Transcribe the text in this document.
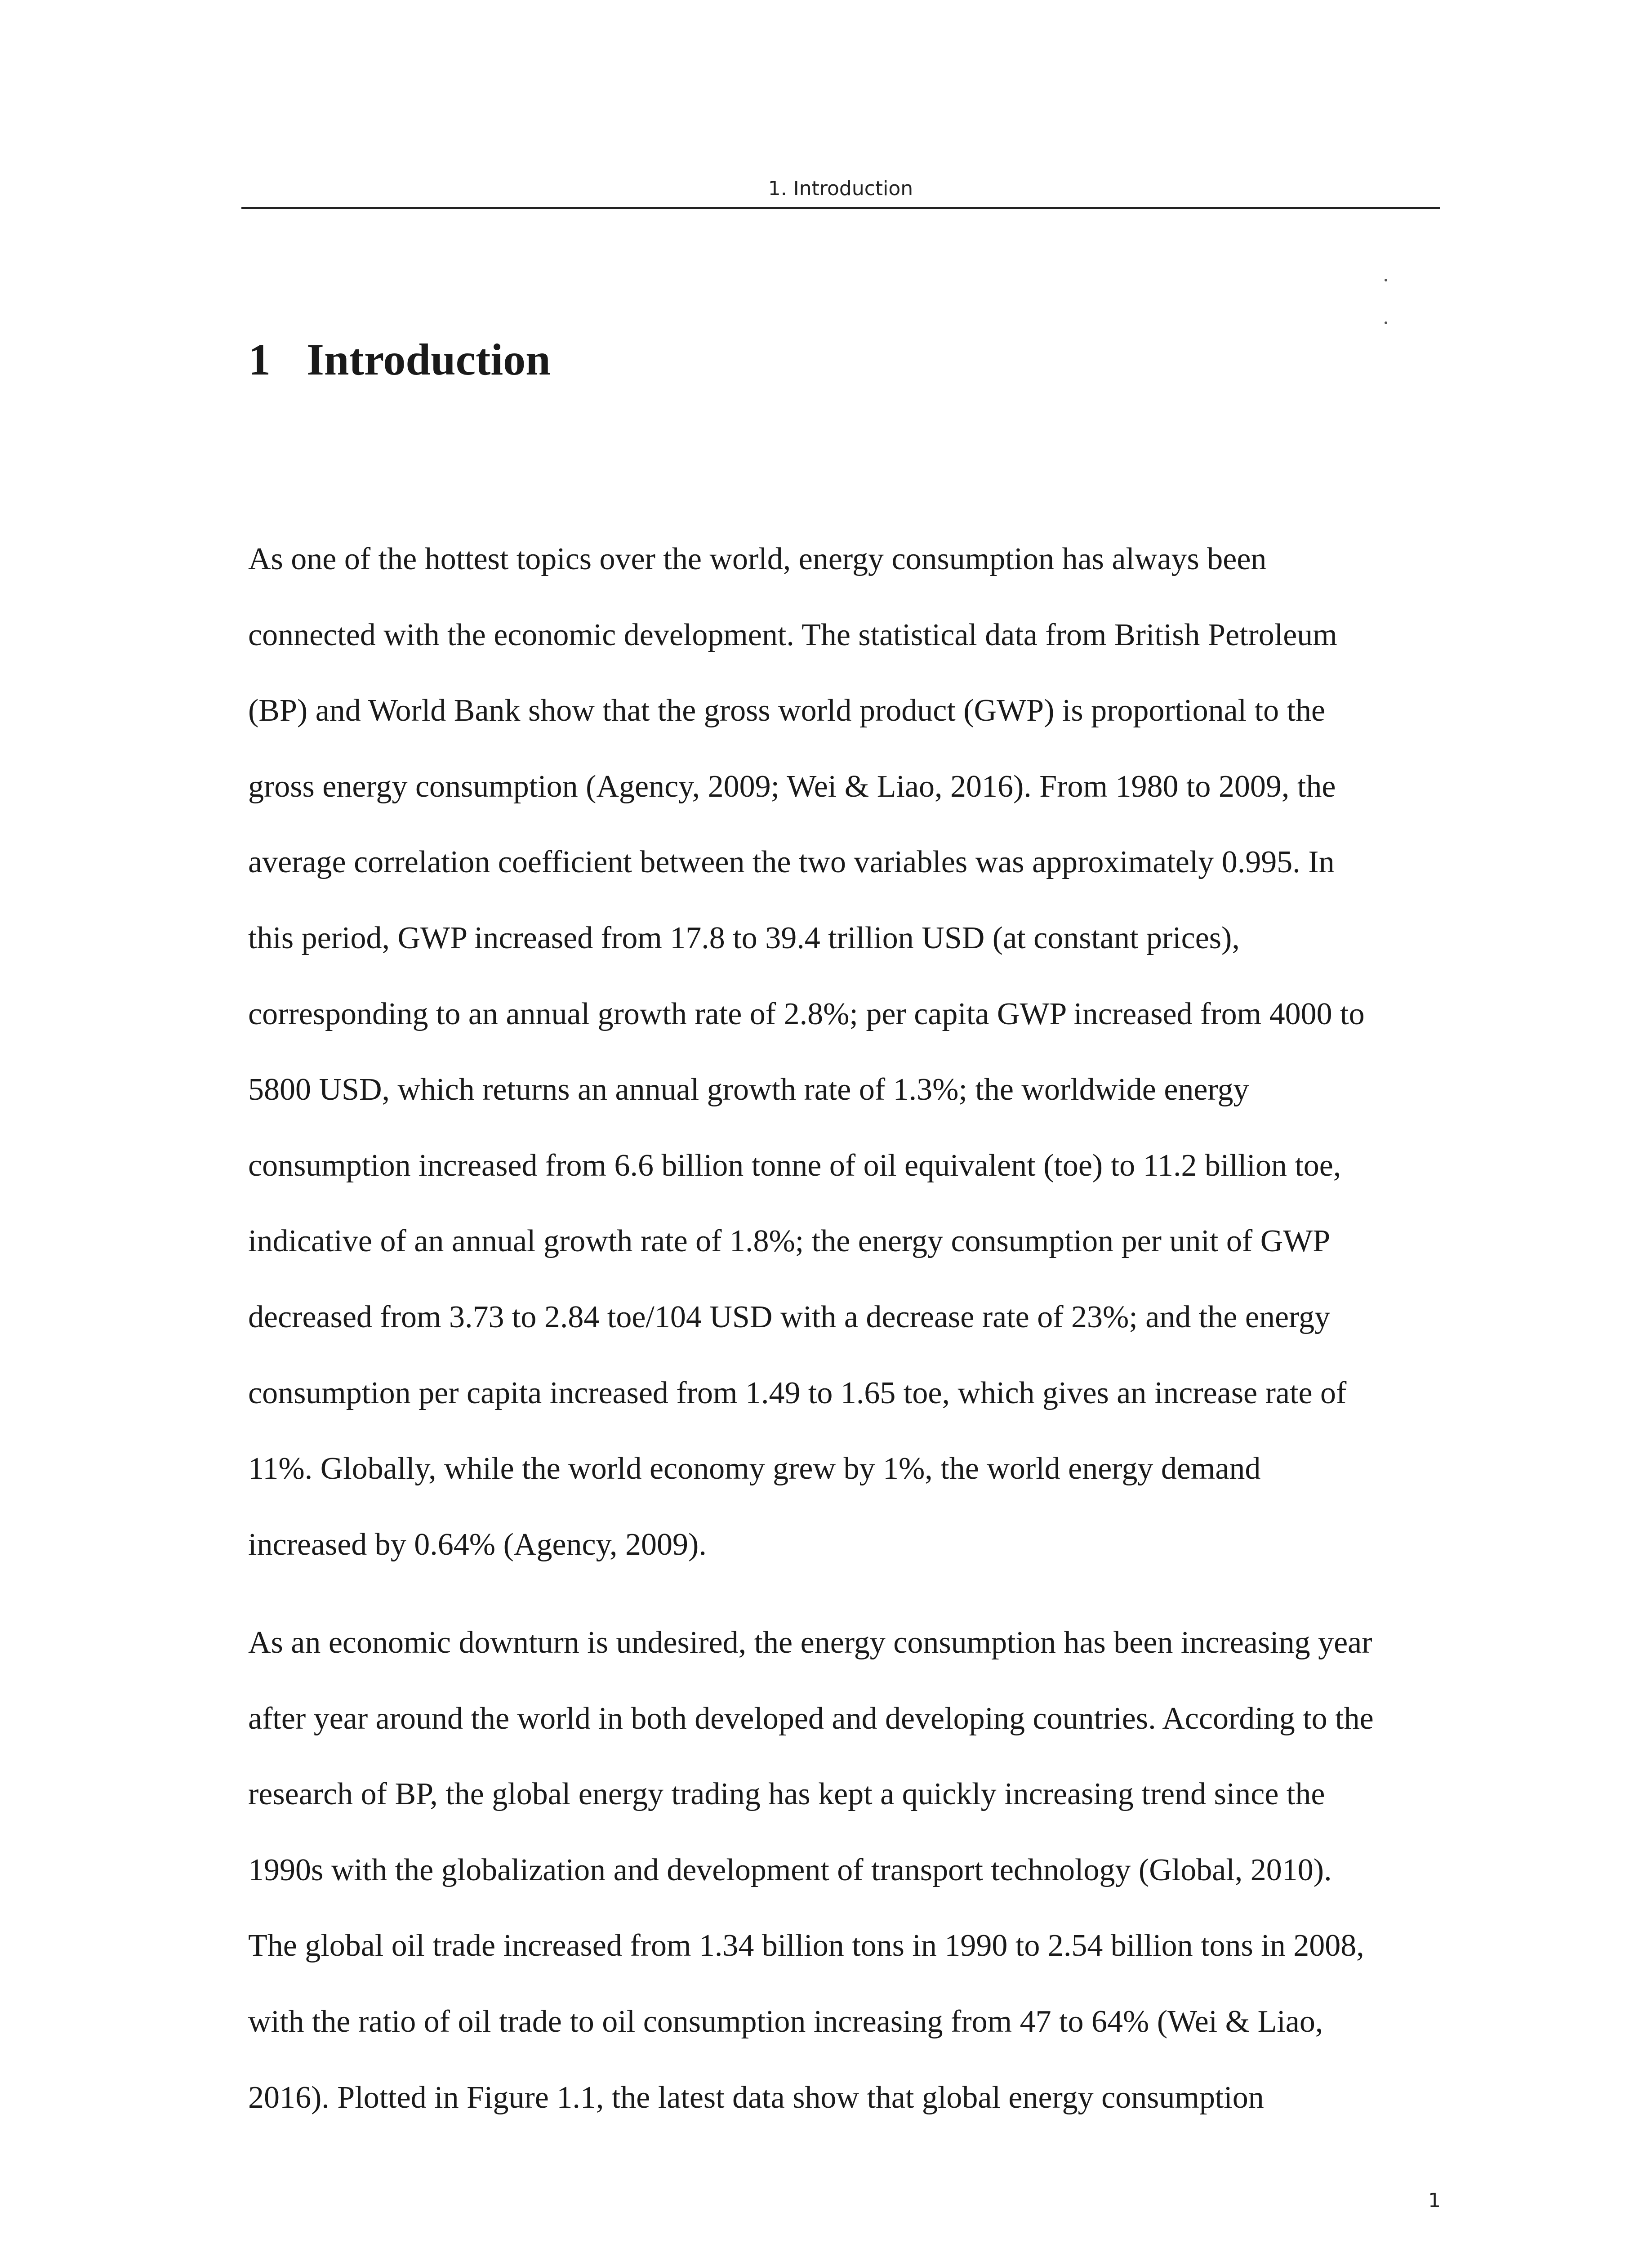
1. Introduction
1 Introduction

As one of the hottest topics over the world, energy consumption has always been
connected with the economic development. The statistical data from British Petroleum
(BP) and World Bank show that the gross world product (GWP) is proportional to the
gross energy consumption (Agency, 2009; Wei & Liao, 2016). From 1980 to 2009, the
average correlation coefficient between the two variables was approximately 0.995. In
this period, GWP increased from 17.8 to 39.4 trillion USD (at constant prices),
corresponding to an annual growth rate of 2.8%; per capita GWP increased from 4000 to
5800 USD, which returns an annual growth rate of 1.3%; the worldwide energy
consumption increased from 6.6 billion tonne of oil equivalent (toe) to 11.2 billion toe,
indicative of an annual growth rate of 1.8%; the energy consumption per unit of GWP
decreased from 3.73 to 2.84 toe/104 USD with a decrease rate of 23%; and the energy
consumption per capita increased from 1.49 to 1.65 toe, which gives an increase rate of
11%. Globally, while the world economy grew by 1%, the world energy demand
increased by 0.64% (Agency, 2009).

As an economic downturn is undesired, the energy consumption has been increasing year
after year around the world in both developed and developing countries. According to the
research of BP, the global energy trading has kept a quickly increasing trend since the
1990s with the globalization and development of transport technology (Global, 2010).
The global oil trade increased from 1.34 billion tons in 1990 to 2.54 billion tons in 2008,
with the ratio of oil trade to oil consumption increasing from 47 to 64% (Wei & Liao,
2016). Plotted in Figure 1.1, the latest data show that global energy consumption

1
